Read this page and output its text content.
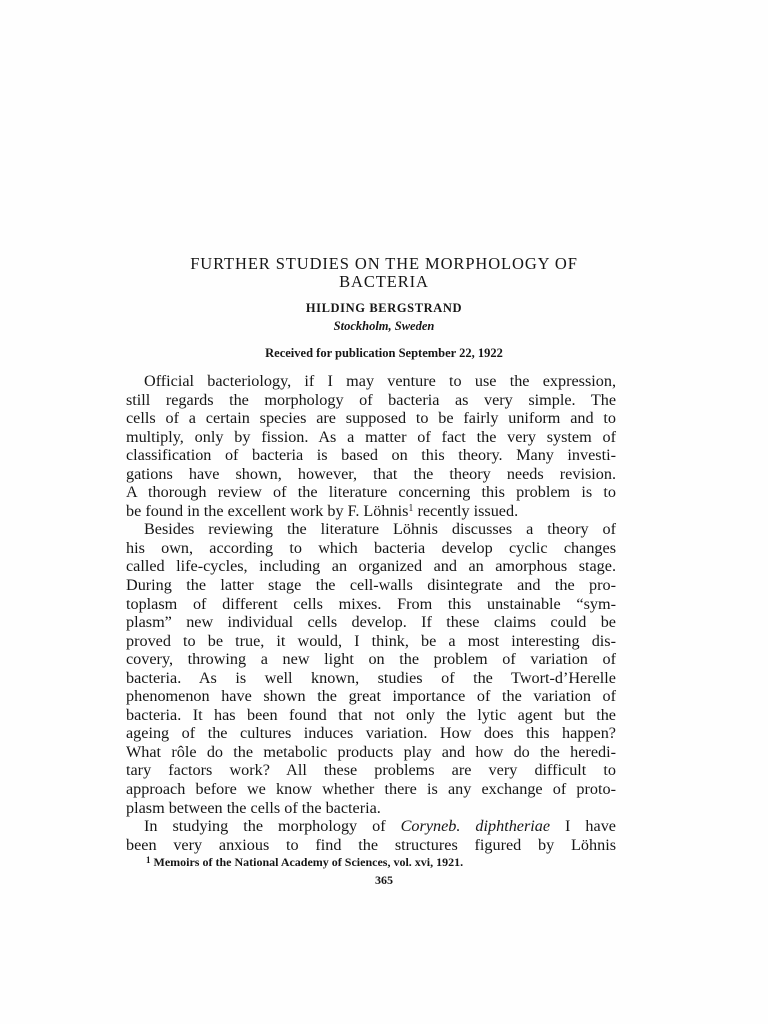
FURTHER STUDIES ON THE MORPHOLOGY OF
BACTERIA
HILDING BERGSTRAND
Stockholm, Sweden
Received for publication September 22, 1922
Official bacteriology, if I may venture to use the expression,
still regards the morphology of bacteria as very simple. The
cells of a certain species are supposed to be fairly uniform and to
multiply, only by fission. As a matter of fact the very system of
classification of bacteria is based on this theory. Many investi-
gations have shown, however, that the theory needs revision.
A thorough review of the literature concerning this problem is to
be found in the excellent work by F. Löhnis$^1$ recently issued.
Besides reviewing the literature Löhnis discusses a theory of
his own, according to which bacteria develop cyclic changes
called life-cycles, including an organized and an amorphous stage.
During the latter stage the cell-walls disintegrate and the pro-
toplasm of different cells mixes. From this unstainable “sym-
plasm” new individual cells develop. If these claims could be
proved to be true, it would, I think, be a most interesting dis-
covery, throwing a new light on the problem of variation of
bacteria. As is well known, studies of the Twort-d’Herelle
phenomenon have shown the great importance of the variation of
bacteria. It has been found that not only the lytic agent but the
ageing of the cultures induces variation. How does this happen?
What rôle do the metabolic products play and how do the heredi-
tary factors work? All these problems are very difficult to
approach before we know whether there is any exchange of proto-
plasm between the cells of the bacteria.
In studying the morphology of Coryneb. diphtheriae I have
been very anxious to find the structures figured by Löhnis
$^1$ Memoirs of the National Academy of Sciences, vol. xvi, 1921.
365
